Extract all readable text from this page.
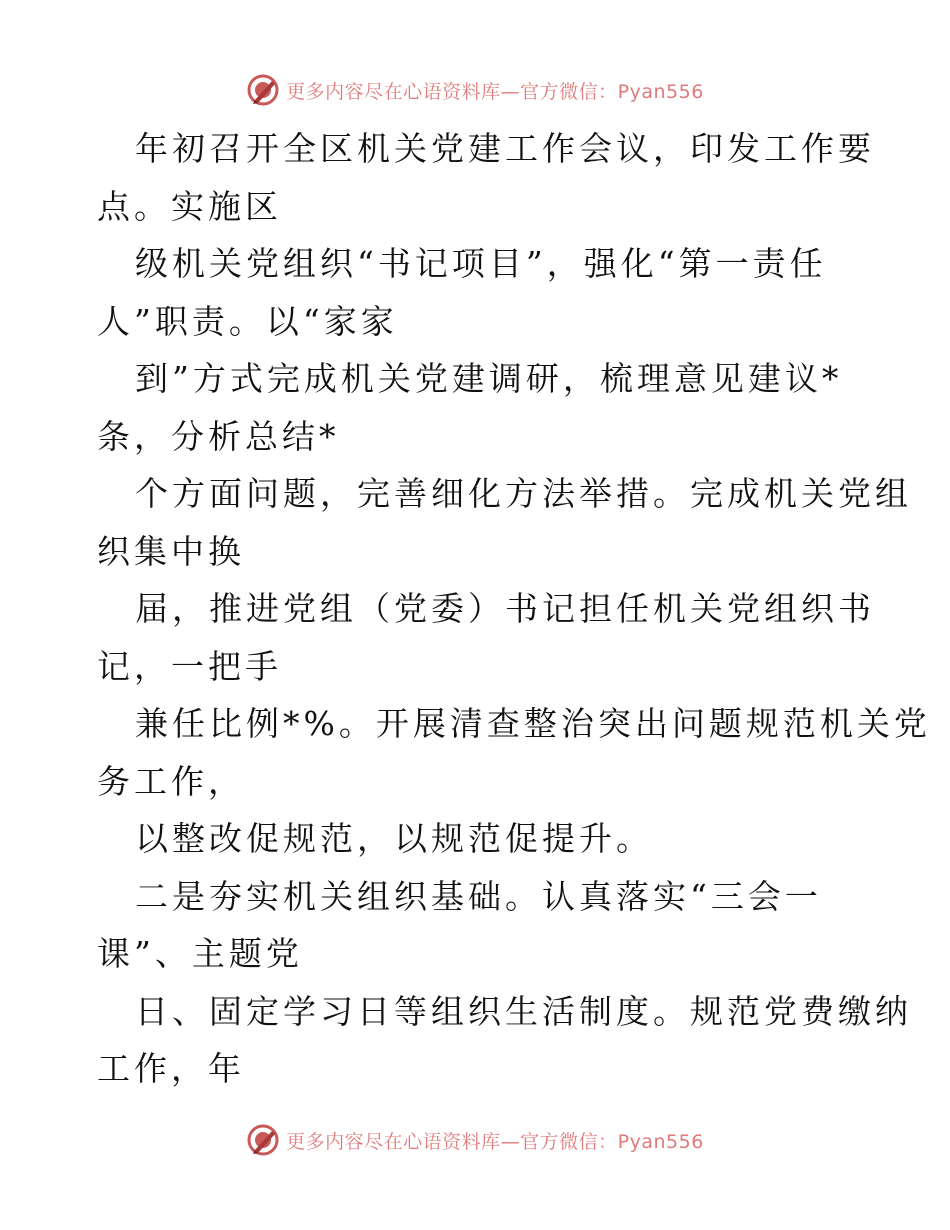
更多内容尽在心语资料库—官方微信：Pyan556
年初召开全区机关党建工作会议，印发工作要
点。实施区
级机关党组织“书记项目”，强化“第一责任
人”职责。以“家家
到”方式完成机关党建调研，梳理意见建议*
条，分析总结*
个方面问题，完善细化方法举措。完成机关党组
织集中换
届，推进党组（党委）书记担任机关党组织书
记，一把手
兼任比例*%。开展清查整治突出问题规范机关党
务工作，
以整改促规范，以规范促提升。
二是夯实机关组织基础。认真落实“三会一
课”、主题党
日、固定学习日等组织生活制度。规范党费缴纳
工作，年
更多内容尽在心语资料库—官方微信：Pyan556
